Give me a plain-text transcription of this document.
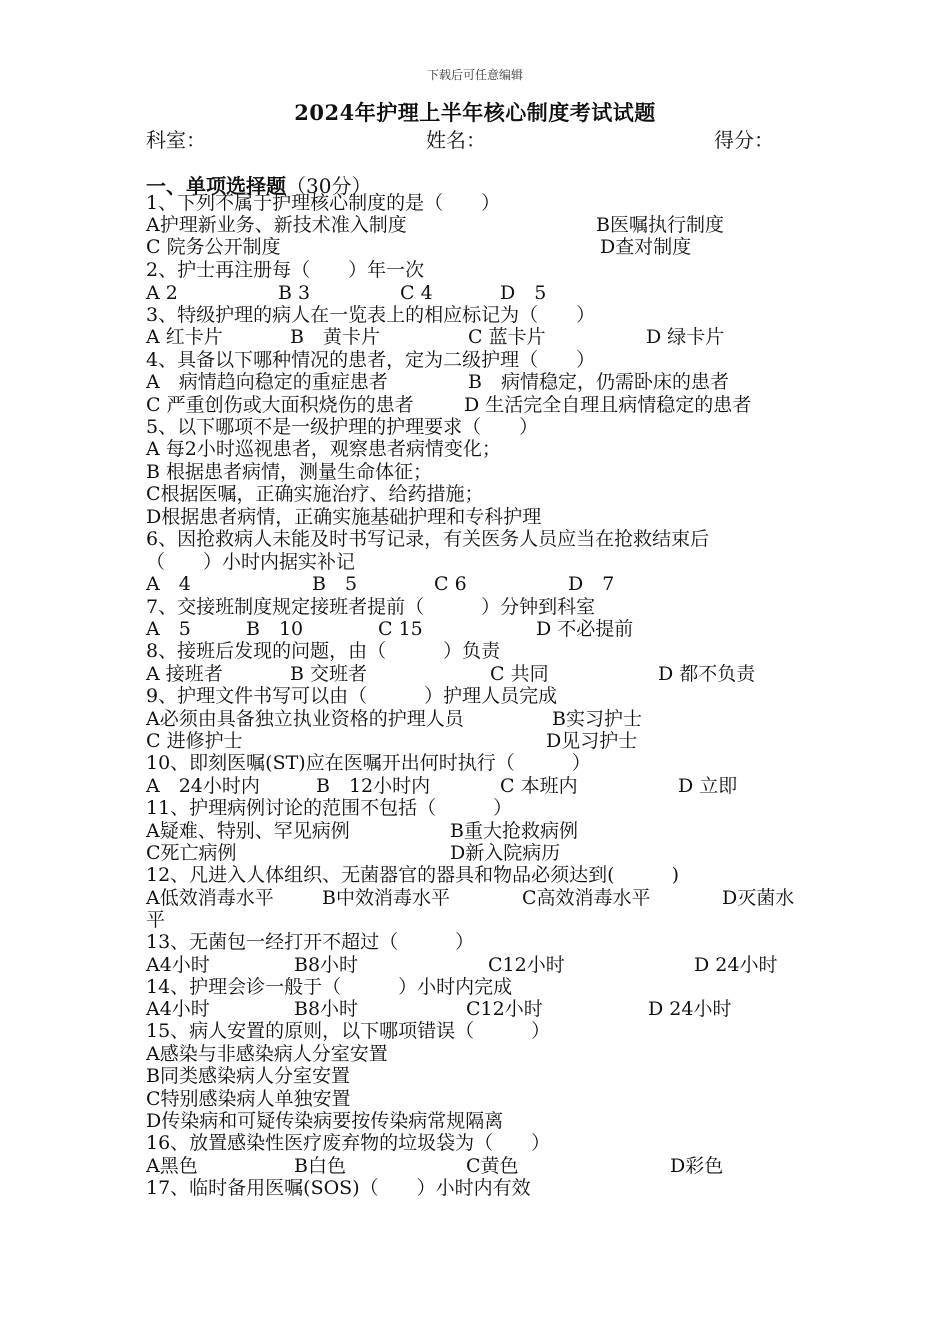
下载后可任意编辑
2024年护理上半年核心制度考试试题
科室：	姓名：	得分：
一、单项选择题（30分）
1、下列不属于护理核心制度的是（　　）
A护理新业务、新技术准入制度	B医嘱执行制度
C 院务公开制度	D查对制度
2、护士再注册每（　　）年一次
A 2	B 3	C 4	D　5
3、特级护理的病人在一览表上的相应标记为（　　）
A 红卡片	B　黄卡片	C 蓝卡片	D 绿卡片
4、具备以下哪种情况的患者，定为二级护理（　　）
A　病情趋向稳定的重症患者	B　病情稳定，仍需卧床的患者
C 严重创伤或大面积烧伤的患者	D 生活完全自理且病情稳定的患者
5、以下哪项不是一级护理的护理要求（　　）
A 每2小时巡视患者，观察患者病情变化；
B 根据患者病情，测量生命体征；
C根据医嘱，正确实施治疗、给药措施；
D根据患者病情，正确实施基础护理和专科护理
6、因抢救病人未能及时书写记录，有关医务人员应当在抢救结束后
（　　）小时内据实补记
A　4	B　5	C 6	D　7
7、交接班制度规定接班者提前（　　　）分钟到科室
A　5	B　10	C 15	D 不必提前
8、接班后发现的问题，由（　　　）负责
A 接班者	B 交班者	C 共同	D 都不负责
9、护理文件书写可以由（　　　）护理人员完成
A必须由具备独立执业资格的护理人员	B实习护士
C 进修护士	D见习护士
10、即刻医嘱(ST)应在医嘱开出何时执行（　　　）
A　24小时内	B　12小时内	C 本班内	D 立即
11、护理病例讨论的范围不包括（　　　）
A疑难、特别、罕见病例	B重大抢救病例
C死亡病例	D新入院病历
12、凡进入人体组织、无菌器官的器具和物品必须达到(　　　)
A低效消毒水平	B中效消毒水平	C高效消毒水平	D灭菌水
平
13、无菌包一经打开不超过（　　　）
A4小时	B8小时	C12小时	D 24小时
14、护理会诊一般于（　　　）小时内完成
A4小时	B8小时	C12小时	D 24小时
15、病人安置的原则，以下哪项错误（　　　）
A感染与非感染病人分室安置
B同类感染病人分室安置
C特别感染病人单独安置
D传染病和可疑传染病要按传染病常规隔离
16、放置感染性医疗废弃物的垃圾袋为（　　）
A黑色	B白色	C黄色	D彩色
17、临时备用医嘱(SOS)（　　）小时内有效
